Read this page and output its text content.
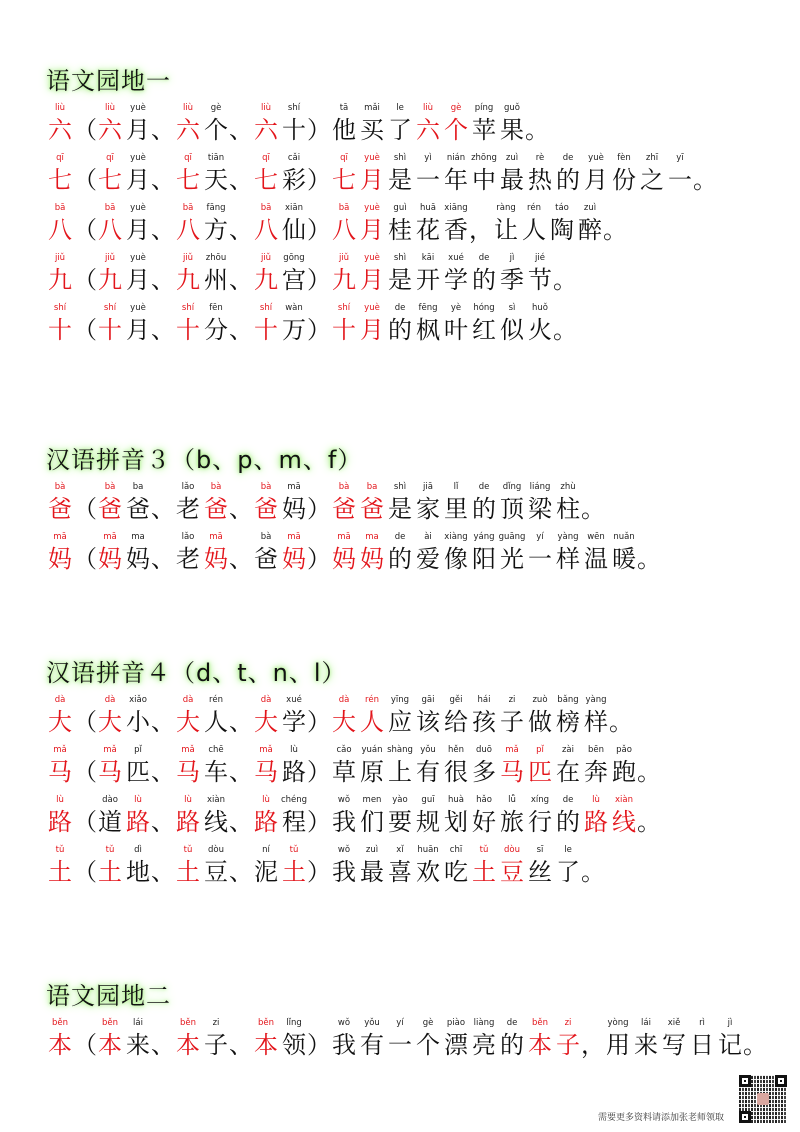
语文园地一
liù
六 （
liù
六
yuè
月 、
liù
六
gè
个 、
liù
六
shí
十 ）
tā
他
mǎi
买
le
了
liù
六
gè
个
píng
苹
guǒ
果 。
qī
七 （
qī
七
yuè
月 、
qī
七
tiān
天 、
qī
七
cǎi
彩 ）
qī
七
yuè
月
shì
是
yì
一
nián
年
zhōng
中
zuì
最
rè
热
de
的
yuè
月
fèn
份
zhī
之
yī
一 。
bā
八 （
bā
八
yuè
月 、
bā
八
fāng
方 、
bā
八
xiān
仙 ）
bā
八
yuè
月
guì
桂
huā
花
xiāng
香 ，
ràng
让
rén
人
táo
陶
zuì
醉 。
jiǔ
九 （
jiǔ
九
yuè
月 、
jiǔ
九
zhōu
州 、
jiǔ
九
gōng
宫 ）
jiǔ
九
yuè
月
shì
是
kāi
开
xué
学
de
的
jì
季
jié
节 。
shí
十 （
shí
十
yuè
月 、
shí
十
fēn
分 、
shí
十
wàn
万 ）
shí
十
yuè
月
de
的
fēng
枫
yè
叶
hóng
红
sì
似
huǒ
火 。
汉语拼音３（b、p、m、f）
bà
爸 （
bà
爸
ba
爸 、
lǎo
老
bà
爸 、
bà
爸
mā
妈 ）
bà
爸
ba
爸
shì
是
jiā
家
lǐ
里
de
的
dǐng
顶
liáng
梁
zhù
柱 。
mā
妈 （
mā
妈
ma
妈 、
lǎo
老
mā
妈 、
bà
爸
mā
妈 ）
mā
妈
ma
妈
de
的
ài
爱
xiàng
像
yáng
阳
guāng
光
yí
一
yàng
样
wēn
温
nuǎn
暖 。
汉语拼音４（d、t、n、l）
dà
大 （
dà
大
xiǎo
小 、
dà
大
rén
人 、
dà
大
xué
学 ）
dà
大
rén
人
yīng
应
gāi
该
gěi
给
hái
孩
zi
子
zuò
做
bǎng
榜
yàng
样 。
mǎ
马 （
mǎ
马
pǐ
匹 、
mǎ
马
chē
车 、
mǎ
马
lù
路 ）
cǎo
草
yuán
原
shàng
上
yǒu
有
hěn
很
duō
多
mǎ
马
pǐ
匹
zài
在
bēn
奔
pǎo
跑 。
lù
路 （
dào
道
lù
路 、
lù
路
xiàn
线 、
lù
路
chéng
程 ）
wǒ
我
men
们
yào
要
guī
规
huà
划
hǎo
好
lǚ
旅
xíng
行
de
的
lù
路
xiàn
线 。
tǔ
土 （
tǔ
土
dì
地 、
tǔ
土
dòu
豆 、
ní
泥
tǔ
土 ）
wǒ
我
zuì
最
xǐ
喜
huān
欢
chī
吃
tǔ
土
dòu
豆
sī
丝
le
了 。
语文园地二
běn
本 （
běn
本
lái
来 、
běn
本
zi
子 、
běn
本
lǐng
领 ）
wǒ
我
yǒu
有
yí
一
gè
个
piào
漂
liàng
亮
de
的
běn
本
zi
子 ，
yòng
用
lái
来
xiě
写
rì
日
jì
记 。
需要更多资料请添加张老师领取
